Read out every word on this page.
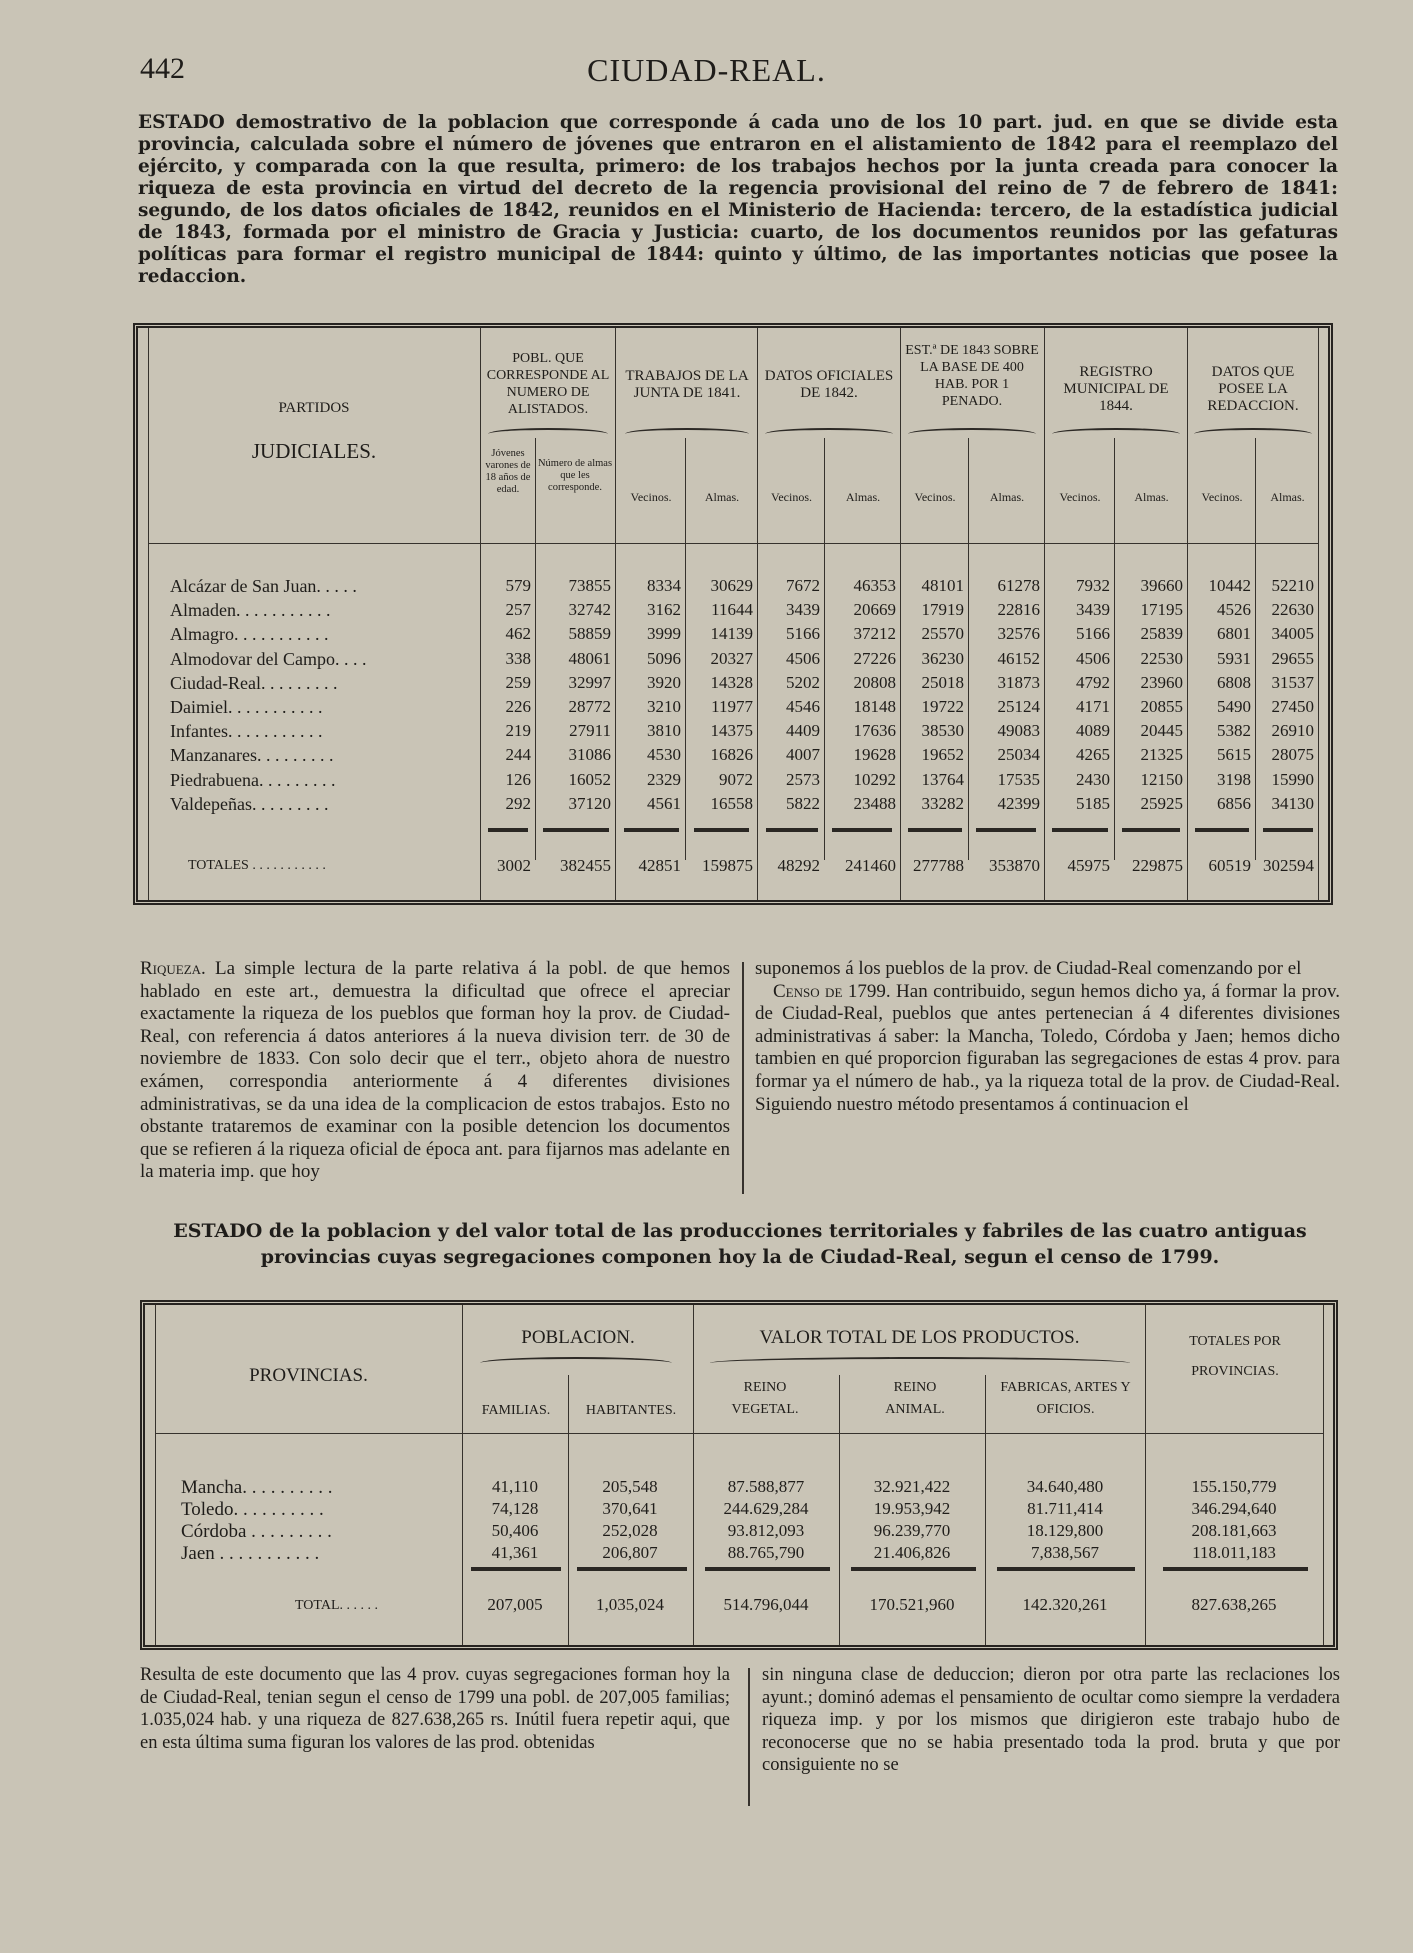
CIUDAD-REAL.
442
ESTADO demostrativo de la poblacion que corresponde á cada uno de los 10 part. jud. en que se divide esta provincia, calculada sobre el número de jóvenes que entraron en el alistamiento de 1842 para el reemplazo del ejército, y comparada con la que resulta, primero: de los trabajos hechos por la junta creada para conocer la riqueza de esta provincia en virtud del decreto de la regencia provisional del reino de 7 de febrero de 1841: segundo, de los datos oficiales de 1842, reunidos en el Ministerio de Hacienda: tercero, de la estadística judicial de 1843, formada por el ministro de Gracia y Justicia: cuarto, de los documentos reunidos por las gefaturas políticas para formar el registro municipal de 1844: quinto y último, de las importantes noticias que posee la redaccion.
PARTIDOS
JUDICIALES.
POBL. QUE CORRESPONDE AL NUMERO DE ALISTADOS.
TRABAJOS DE LA JUNTA DE 1841.
DATOS OFICIALES DE 1842.
EST.ª DE 1843 SOBRE LA BASE DE 400 HAB. POR 1 PENADO.
REGISTRO MUNICIPAL DE 1844.
DATOS QUE POSEE LA REDACCION.
Jóvenes varones de 18 años de edad.
Número de almas que les corresponde.
Vecinos.	Almas.	Vecinos.	Almas.	Vecinos.	Almas.	Vecinos.	Almas.	Vecinos.	Almas.
Alcázar de San Juan. . . . .	579	73855	8334	30629	7672	46353	48101	61278	7932	39660	10442	52210
Almaden. . . . . . . . . . .	257	32742	3162	11644	3439	20669	17919	22816	3439	17195	4526	22630
Almagro. . . . . . . . . . .	462	58859	3999	14139	5166	37212	25570	32576	5166	25839	6801	34005
Almodovar del Campo. . . .	338	48061	5096	20327	4506	27226	36230	46152	4506	22530	5931	29655
Ciudad-Real. . . . . . . . .	259	32997	3920	14328	5202	20808	25018	31873	4792	23960	6808	31537
Daimiel. . . . . . . . . . .	226	28772	3210	11977	4546	18148	19722	25124	4171	20855	5490	27450
Infantes. . . . . . . . . . .	219	27911	3810	14375	4409	17636	38530	49083	4089	20445	5382	26910
Manzanares. . . . . . . . .	244	31086	4530	16826	4007	19628	19652	25034	4265	21325	5615	28075
Piedrabuena. . . . . . . . .	126	16052	2329	9072	2573	10292	13764	17535	2430	12150	3198	15990
Valdepeñas. . . . . . . . .	292	37120	4561	16558	5822	23488	33282	42399	5185	25925	6856	34130
TOTALES . . . . . . . . . . .	3002	382455	42851	159875	48292	241460	277788	353870	45975	229875	60519 302594
Riqueza. La simple lectura de la parte relativa á la pobl. de que hemos hablado en este art., demuestra la dificultad que ofrece el apreciar exactamente la riqueza de los pueblos que forman hoy la prov. de Ciudad-Real, con referencia á datos anteriores á la nueva division terr. de 30 de noviembre de 1833. Con solo decir que el terr., objeto ahora de nuestro exámen, correspondia anteriormente á 4 diferentes divisiones administrativas, se da una idea de la complicacion de estos trabajos. Esto no obstante trataremos de examinar con la posible detencion los documentos que se refieren á la riqueza oficial de época ant. para fijarnos mas adelante en la materia imp. que hoy
suponemos á los pueblos de la prov. de Ciudad-Real comenzando por el
Censo de 1799. Han contribuido, segun hemos dicho ya, á formar la prov. de Ciudad-Real, pueblos que antes pertenecian á 4 diferentes divisiones administrativas á saber: la Mancha, Toledo, Córdoba y Jaen; hemos dicho tambien en qué proporcion figuraban las segregaciones de estas 4 prov. para formar ya el número de hab., ya la riqueza total de la prov. de Ciudad-Real. Siguiendo nuestro método presentamos á continuacion el
ESTADO de la poblacion y del valor total de las producciones territoriales y fabriles de las cuatro antiguas provincias cuyas segregaciones componen hoy la de Ciudad-Real, segun el censo de 1799.
PROVINCIAS.
POBLACION.	VALOR TOTAL DE LOS PRODUCTOS.	TOTALES POR PROVINCIAS.
FAMILIAS.	HABITANTES.
REINO VEGETAL.
REINO ANIMAL.
FABRICAS, ARTES Y OFICIOS.
Mancha. . . . . . . . . .	41,110	205,548	87.588,877	32.921,422	34.640,480	155.150,779
Toledo. . . . . . . . . .	74,128	370,641	244.629,284	19.953,942	81.711,414	346.294,640
Córdoba . . . . . . . . .	50,406	252,028	93.812,093	96.239,770	18.129,800	208.181,663
Jaen . . . . . . . . . . .	41,361	206,807	88.765,790	21.406,826	7,838,567	118.011,183
TOTAL. . . . . .	207,005	1,035,024	514.796,044	170.521,960	142.320,261	827.638,265
Resulta de este documento que las 4 prov. cuyas segregaciones forman hoy la de Ciudad-Real, tenian segun el censo de 1799 una pobl. de 207,005 familias; 1.035,024 hab. y una riqueza de 827.638,265 rs. Inútil fuera repetir aqui, que en esta última suma figuran los valores de las prod. obtenidas
sin ninguna clase de deduccion; dieron por otra parte las reclaciones los ayunt.; dominó ademas el pensamiento de ocultar como siempre la verdadera riqueza imp. y por los mismos que dirigieron este trabajo hubo de reconocerse que no se habia presentado toda la prod. bruta y que por consiguiente no se
